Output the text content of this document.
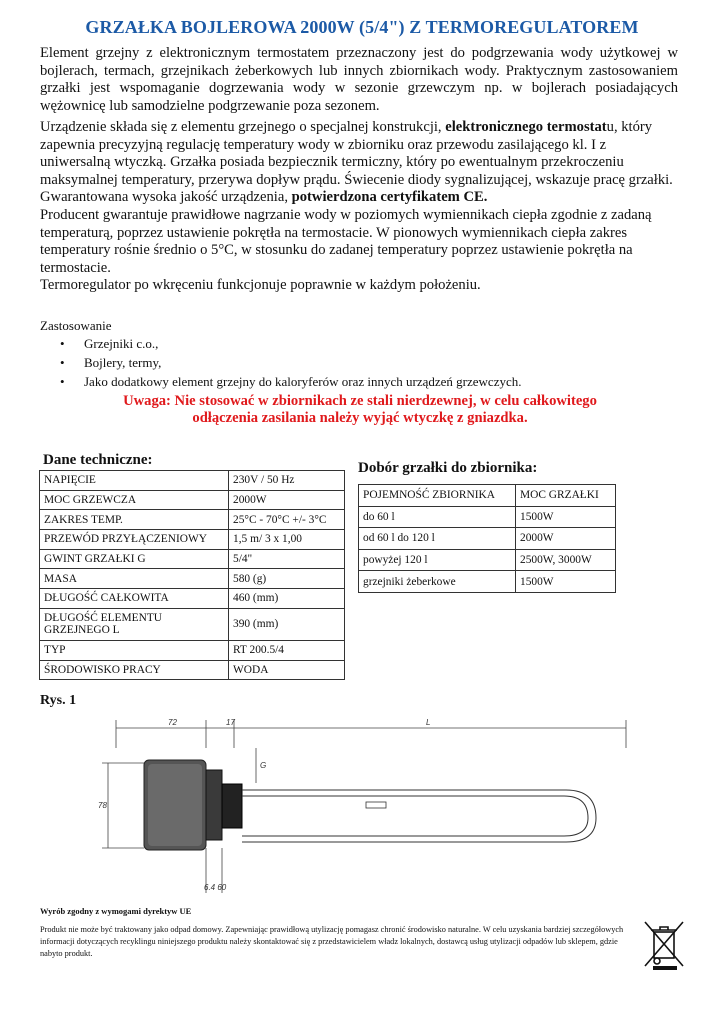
GRZAŁKA BOJLEROWA 2000W (5/4") Z TERMOREGULATOREM

Element grzejny z elektronicznym termostatem przeznaczony jest do podgrzewania wody użytkowej w bojlerach, termach, grzejnikach żeberkowych lub innych zbiornikach wody. Praktycznym zastosowaniem grzałki jest wspomaganie dogrzewania wody w sezonie grzewczym np. w bojlerach posiadających wężownicę lub samodzielne podgrzewanie poza sezonem.

Urządzenie składa się z elementu grzejnego o specjalnej konstrukcji, elektronicznego termostatu, który zapewnia precyzyjną regulację temperatury wody w zbiorniku oraz przewodu zasilającego kl. I z uniwersalną wtyczką. Grzałka posiada bezpiecznik termiczny, który po ewentualnym przekroczeniu maksymalnej temperatury, przerywa dopływ prądu. Świecenie diody sygnalizującej, wskazuje pracę grzałki. Gwarantowana wysoka jakość urządzenia, potwierdzona certyfikatem CE.
Producent gwarantuje prawidłowe nagrzanie wody w poziomych wymiennikach ciepła zgodnie z zadaną temperaturą, poprzez ustawienie pokrętła na termostacie. W pionowych wymiennikach ciepła zakres temperatury rośnie średnio o 5°C, w stosunku do zadanej temperatury poprzez ustawienie pokrętła na termostacie.
Termoregulator po wkręceniu funkcjonuje poprawnie w każdym położeniu.

Zastosowanie
• Grzejniki c.o.,
• Bojlery, termy,
• Jako dodatkowy element grzejny do kaloryferów oraz innych urządzeń grzewczych.
Uwaga: Nie stosować w zbiornikach ze stali nierdzewnej, w celu całkowitego
odłączenia zasilania należy wyjąć wtyczkę z gniazdka.
Dane techniczne:
NAPIĘCIE	230V / 50 Hz
MOC GRZEWCZA	2000W
ZAKRES TEMP.	25°C - 70°C +/- 3°C
PRZEWÓD PRZYŁĄCZENIOWY	1,5 m/ 3 x 1,00
GWINT GRZAŁKI G	5/4"
MASA	580 (g)
DŁUGOŚĆ CAŁKOWITA	460 (mm)
DŁUGOŚĆ ELEMENTU GRZEJNEGO L	390 (mm)
TYP	RT 200.5/4
ŚRODOWISKO PRACY	WODA
Dobór grzałki do zbiornika:
POJEMNOŚĆ ZBIORNIKA	MOC GRZAŁKI
do 60 l	1500W
od 60 l do 120 l	2000W
powyżej 120 l	2500W, 3000W
grzejniki żeberkowe	1500W
Rys. 1
72	17	L
G
78
6.4 60
Wyrób zgodny z wymogami dyrektyw UE

Produkt nie może być traktowany jako odpad domowy. Zapewniając prawidłową utylizację pomagasz chronić środowisko naturalne. W celu uzyskania bardziej szczegółowych informacji dotyczących recyklingu niniejszego produktu należy skontaktować się z przedstawicielem władz lokalnych, dostawcą usług utylizacji odpadów lub sklepem, gdzie nabyto produkt.
